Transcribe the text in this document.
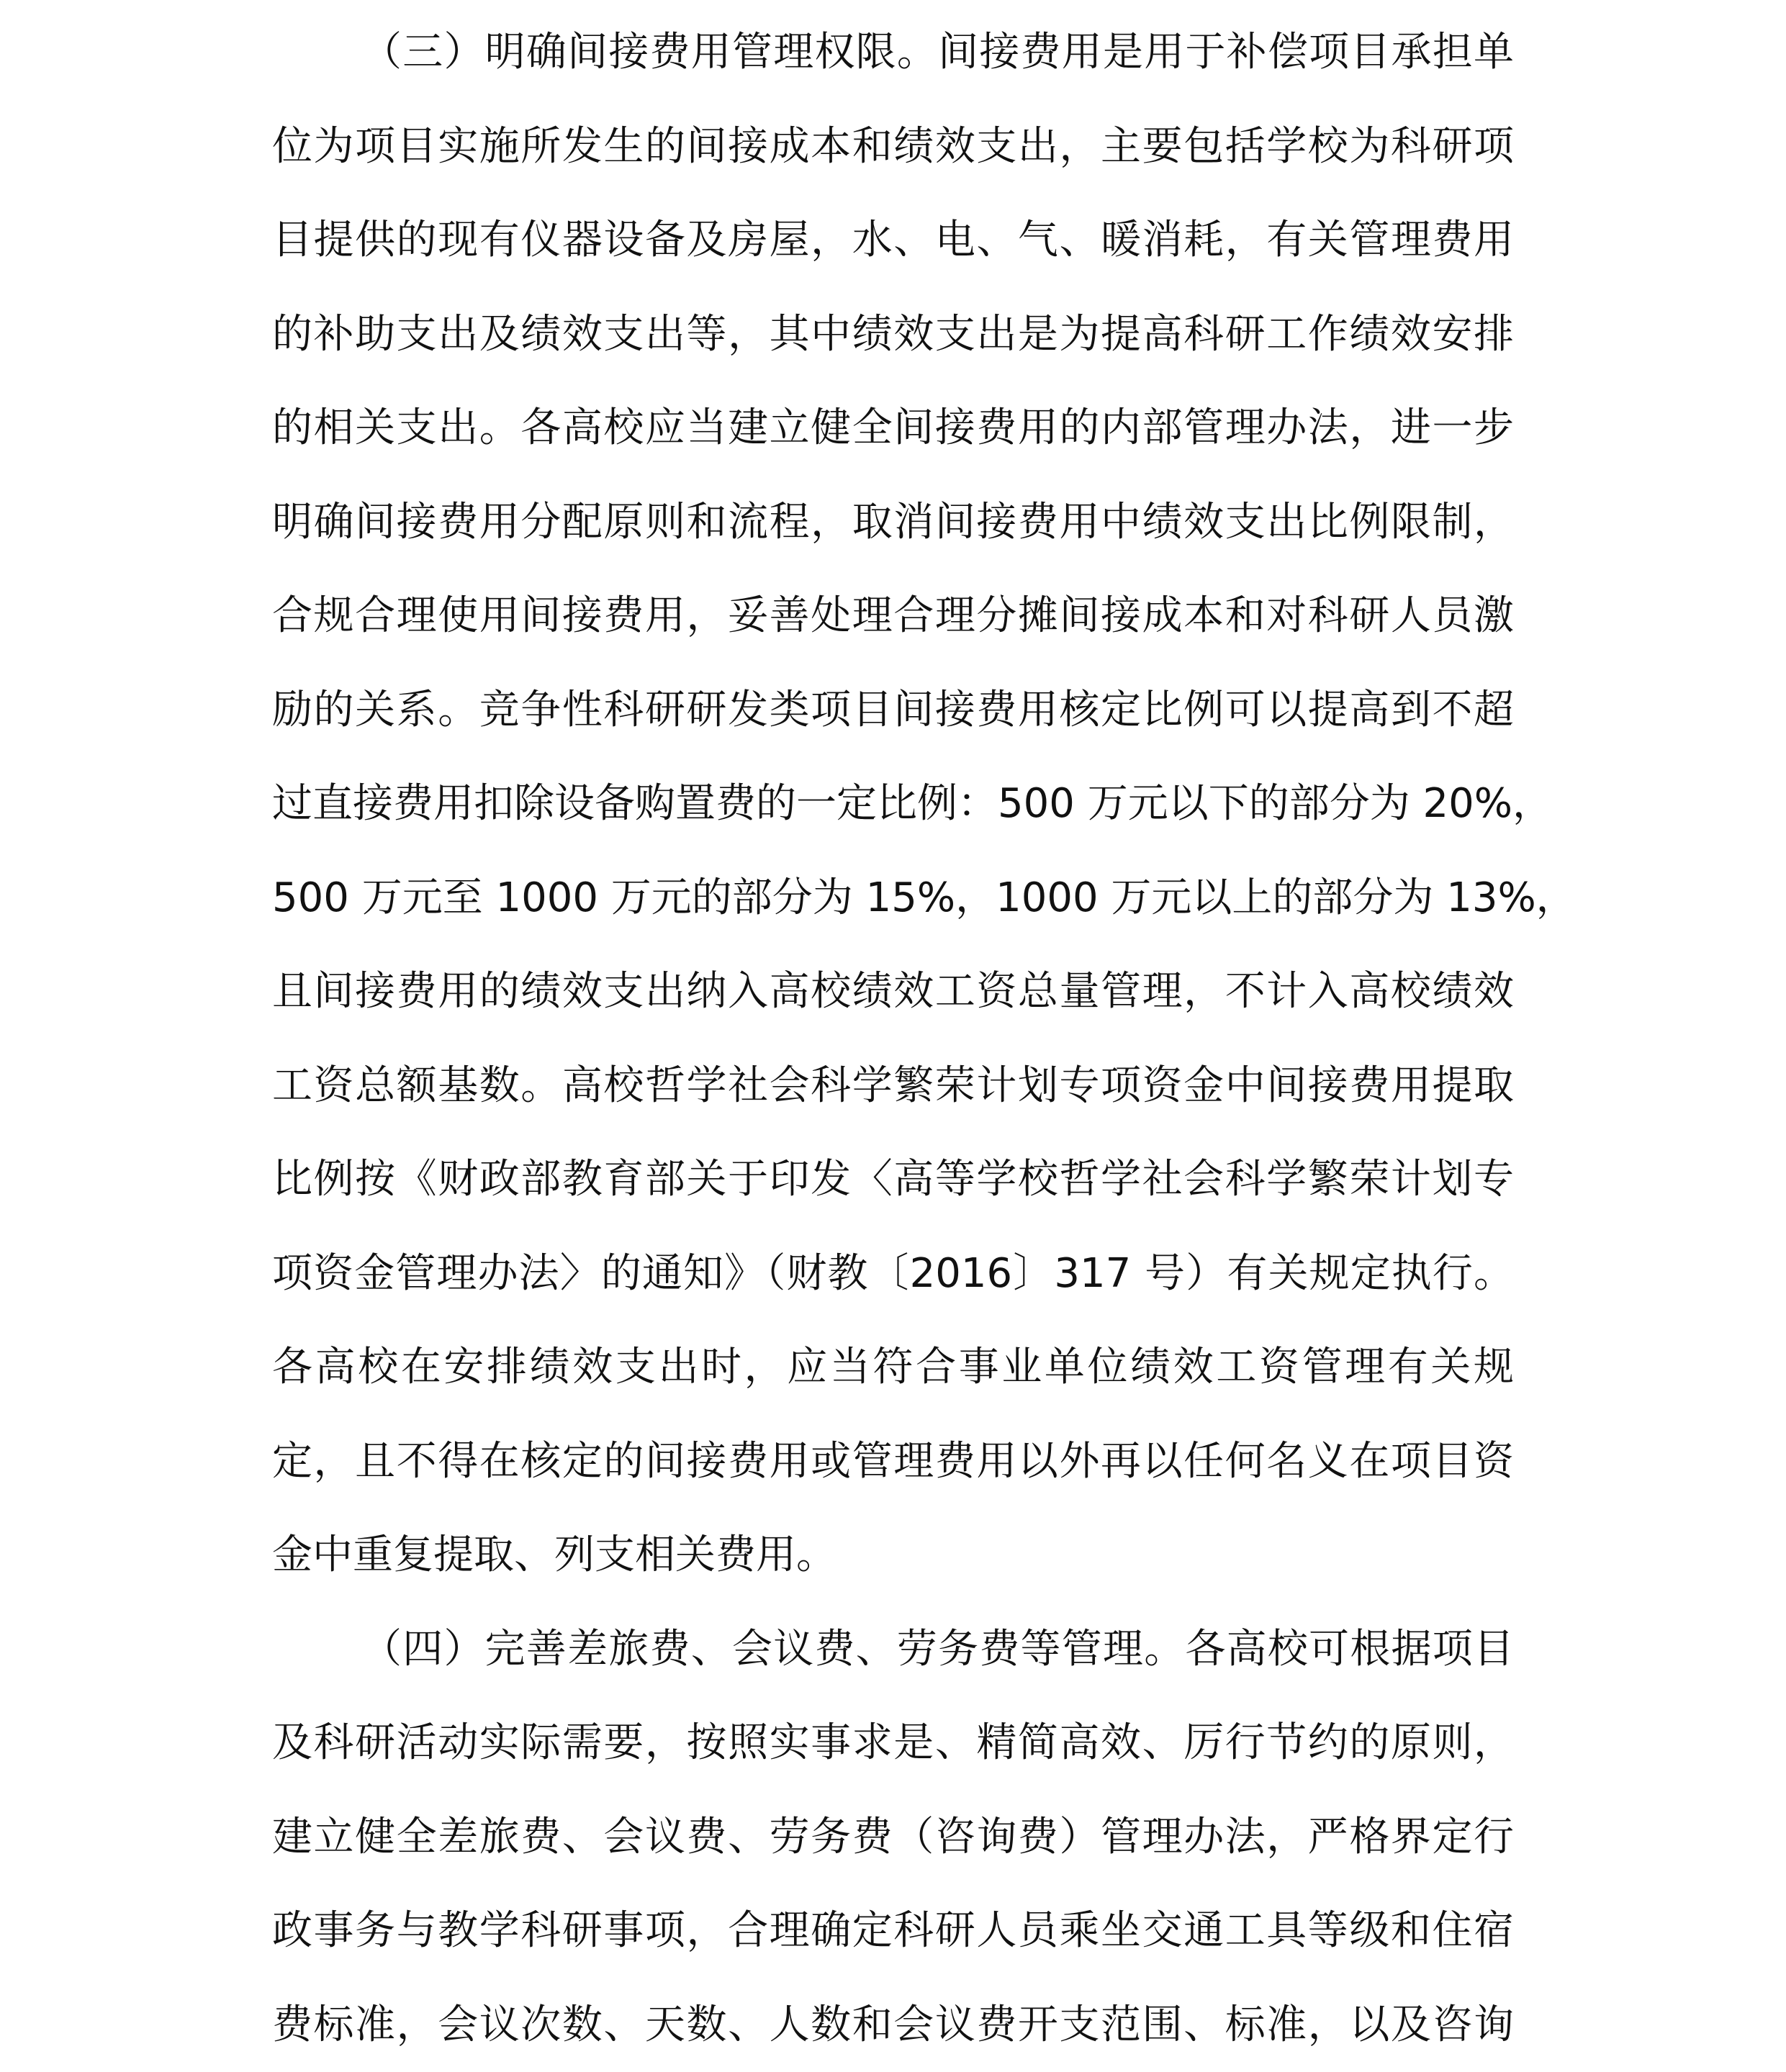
（三）明确间接费用管理权限。间接费用是用于补偿项目承担单
位为项目实施所发生的间接成本和绩效支出，主要包括学校为科研项
目提供的现有仪器设备及房屋，水、电、气、暖消耗，有关管理费用
的补助支出及绩效支出等，其中绩效支出是为提高科研工作绩效安排
的相关支出。各高校应当建立健全间接费用的内部管理办法，进一步
明确间接费用分配原则和流程，取消间接费用中绩效支出比例限制，
合规合理使用间接费用，妥善处理合理分摊间接成本和对科研人员激
励的关系。竞争性科研研发类项目间接费用核定比例可以提高到不超
过直接费用扣除设备购置费的一定比例：500 万元以下的部分为 20%，
500 万元至 1000 万元的部分为 15%，1000 万元以上的部分为 13%，
且间接费用的绩效支出纳入高校绩效工资总量管理，不计入高校绩效
工资总额基数。高校哲学社会科学繁荣计划专项资金中间接费用提取
比例按《财政部教育部关于印发〈高等学校哲学社会科学繁荣计划专
项资金管理办法〉的通知》（财教〔2016〕317 号）有关规定执行。
各高校在安排绩效支出时，应当符合事业单位绩效工资管理有关规
定，且不得在核定的间接费用或管理费用以外再以任何名义在项目资
金中重复提取、列支相关费用。
（四）完善差旅费、会议费、劳务费等管理。各高校可根据项目
及科研活动实际需要，按照实事求是、精简高效、厉行节约的原则，
建立健全差旅费、会议费、劳务费（咨询费）管理办法，严格界定行
政事务与教学科研事项，合理确定科研人员乘坐交通工具等级和住宿
费标准，会议次数、天数、人数和会议费开支范围、标准，以及咨询
